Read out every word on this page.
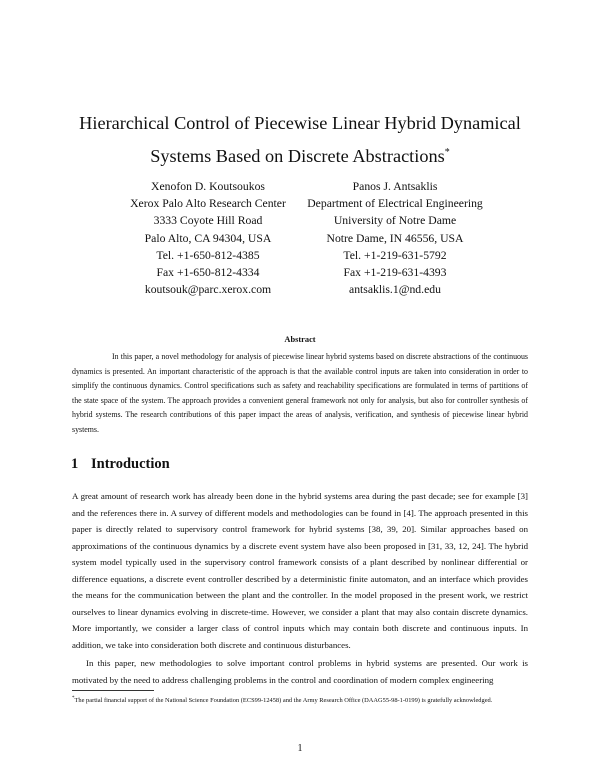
Hierarchical Control of Piecewise Linear Hybrid Dynamical
Systems Based on Discrete Abstractions*
Xenofon D. Koutsoukos
Xerox Palo Alto Research Center
3333 Coyote Hill Road
Palo Alto, CA 94304, USA
Tel. +1-650-812-4385
Fax +1-650-812-4334
koutsouk@parc.xerox.com
Panos J. Antsaklis
Department of Electrical Engineering
University of Notre Dame
Notre Dame, IN 46556, USA
Tel. +1-219-631-5792
Fax +1-219-631-4393
antsaklis.1@nd.edu
Abstract

In this paper, a novel methodology for analysis of piecewise linear hybrid systems based on discrete abstractions of the continuous dynamics is presented. An important characteristic of the approach is that the available control inputs are taken into consideration in order to simplify the continuous dynamics. Control specifications such as safety and reachability specifications are formulated in terms of partitions of the state space of the system. The approach provides a convenient general framework not only for analysis, but also for controller synthesis of hybrid systems. The research contributions of this paper impact the areas of analysis, verification, and synthesis of piecewise linear hybrid systems.

1 Introduction

A great amount of research work has already been done in the hybrid systems area during the past decade; see for example [3] and the references there in. A survey of different models and methodologies can be found in [4]. The approach presented in this paper is directly related to supervisory control framework for hybrid systems [38, 39, 20]. Similar approaches based on approximations of the continuous dynamics by a discrete event system have also been proposed in [31, 33, 12, 24]. The hybrid system model typically used in the supervisory control framework consists of a plant described by nonlinear differential or difference equations, a discrete event controller described by a deterministic finite automaton, and an interface which provides the means for the communication between the plant and the controller. In the model proposed in the present work, we restrict ourselves to linear dynamics evolving in discrete-time. However, we consider a plant that may also contain discrete dynamics. More importantly, we consider a larger class of control inputs which may contain both discrete and continuous inputs. In addition, we take into consideration both discrete and continuous disturbances.

In this paper, new methodologies to solve important control problems in hybrid systems are presented. Our work is motivated by the need to address challenging problems in the control and coordination of modern complex engineering

*The partial financial support of the National Science Foundation (ECS99-12458) and the Army Research Office (DAAG55-98-1-0199) is gratefully acknowledged.

1
